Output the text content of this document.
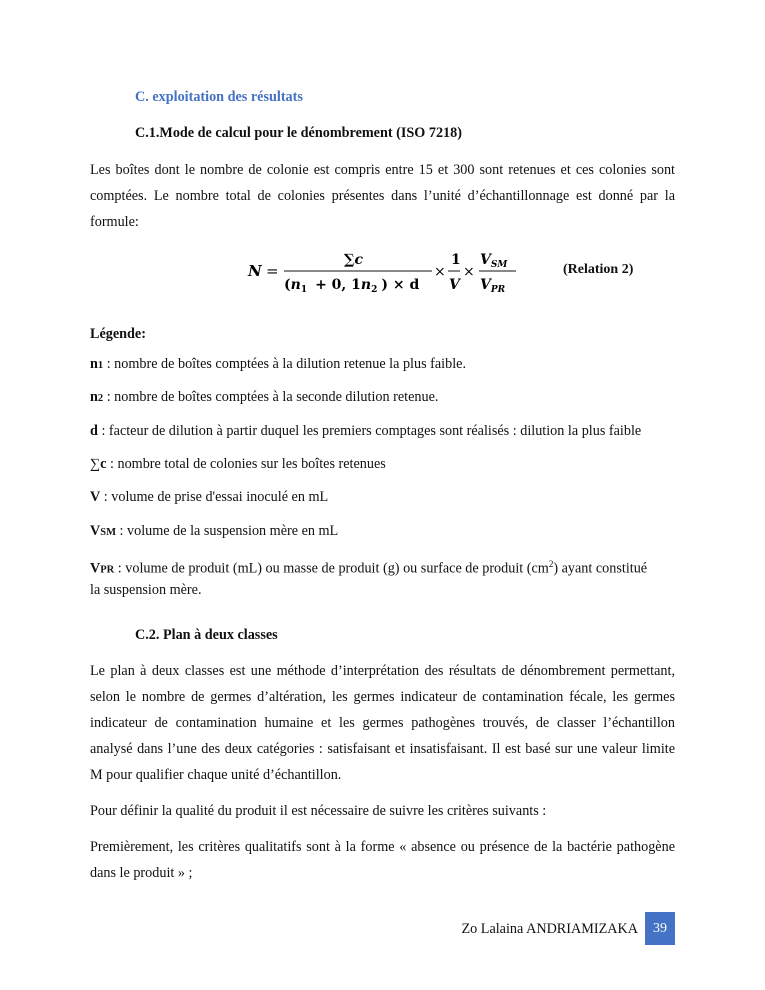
C. exploitation des résultats
C.1.Mode de calcul pour le dénombrement (ISO 7218)
Les boîtes dont le nombre de colonie est compris entre 15 et 300 sont retenues et ces colonies sont comptées. Le nombre total de colonies présentes dans l’unité d’échantillonnage est donné par la formule:
N =
∑c
($n_1 + 0$, $1n_2$ ) × d
×
1
V
×
$V_{SM}$
$V_{PR}$
(Relation 2)
Légende:
n1 : nombre de boîtes comptées à la dilution retenue la plus faible.
n2 : nombre de boîtes comptées à la seconde dilution retenue.
d : facteur de dilution à partir duquel les premiers comptages sont réalisés : dilution la plus faible
∑c : nombre total de colonies sur les boîtes retenues
V : volume de prise d'essai inoculé en mL
VSM : volume de la suspension mère en mL
VPR : volume de produit (mL) ou masse de produit (g) ou surface de produit $(cm^2)$ ayant constitué
la suspension mère.
C.2. Plan à deux classes
Le plan à deux classes est une méthode d’interprétation des résultats de dénombrement permettant, selon le nombre de germes d’altération, les germes indicateur de contamination fécale, les germes indicateur de contamination humaine et les germes pathogènes trouvés, de classer l’échantillon analysé dans l’une des deux catégories : satisfaisant et insatisfaisant. Il est basé sur une valeur limite M pour qualifier chaque unité d’échantillon.
Pour définir la qualité du produit il est nécessaire de suivre les critères suivants :
Premièrement, les critères qualitatifs sont à la forme « absence ou présence de la bactérie pathogène dans le produit » ;
Zo Lalaina ANDRIAMIZAKA	39
